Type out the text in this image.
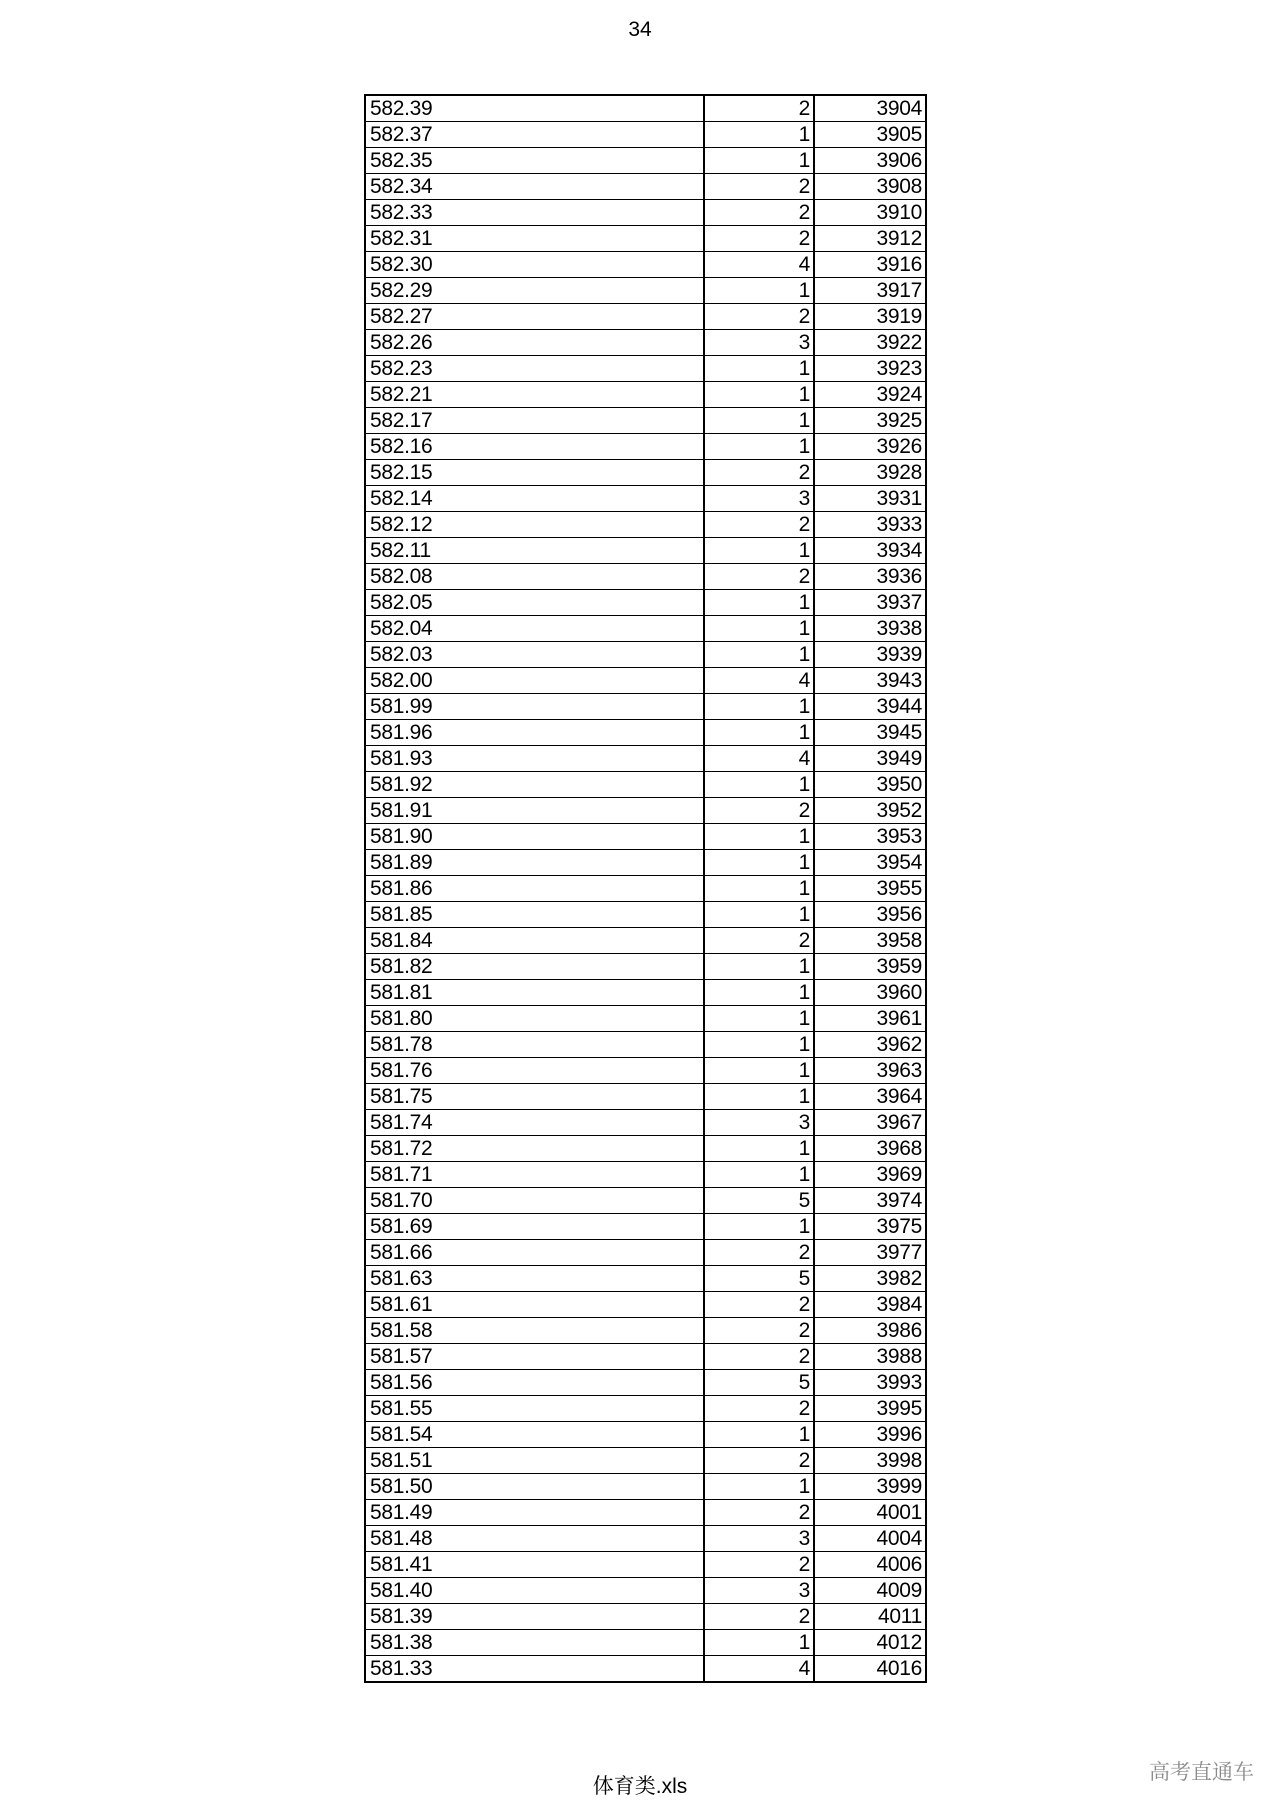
34
582.39	2	3904
582.37	1	3905
582.35	1	3906
582.34	2	3908
582.33	2	3910
582.31	2	3912
582.30	4	3916
582.29	1	3917
582.27	2	3919
582.26	3	3922
582.23	1	3923
582.21	1	3924
582.17	1	3925
582.16	1	3926
582.15	2	3928
582.14	3	3931
582.12	2	3933
582.11	1	3934
582.08	2	3936
582.05	1	3937
582.04	1	3938
582.03	1	3939
582.00	4	3943
581.99	1	3944
581.96	1	3945
581.93	4	3949
581.92	1	3950
581.91	2	3952
581.90	1	3953
581.89	1	3954
581.86	1	3955
581.85	1	3956
581.84	2	3958
581.82	1	3959
581.81	1	3960
581.80	1	3961
581.78	1	3962
581.76	1	3963
581.75	1	3964
581.74	3	3967
581.72	1	3968
581.71	1	3969
581.70	5	3974
581.69	1	3975
581.66	2	3977
581.63	5	3982
581.61	2	3984
581.58	2	3986
581.57	2	3988
581.56	5	3993
581.55	2	3995
581.54	1	3996
581.51	2	3998
581.50	1	3999
581.49	2	4001
581.48	3	4004
581.41	2	4006
581.40	3	4009
581.39	2	4011
581.38	1	4012
581.33	4	4016
体育类.xls
高考直通车
